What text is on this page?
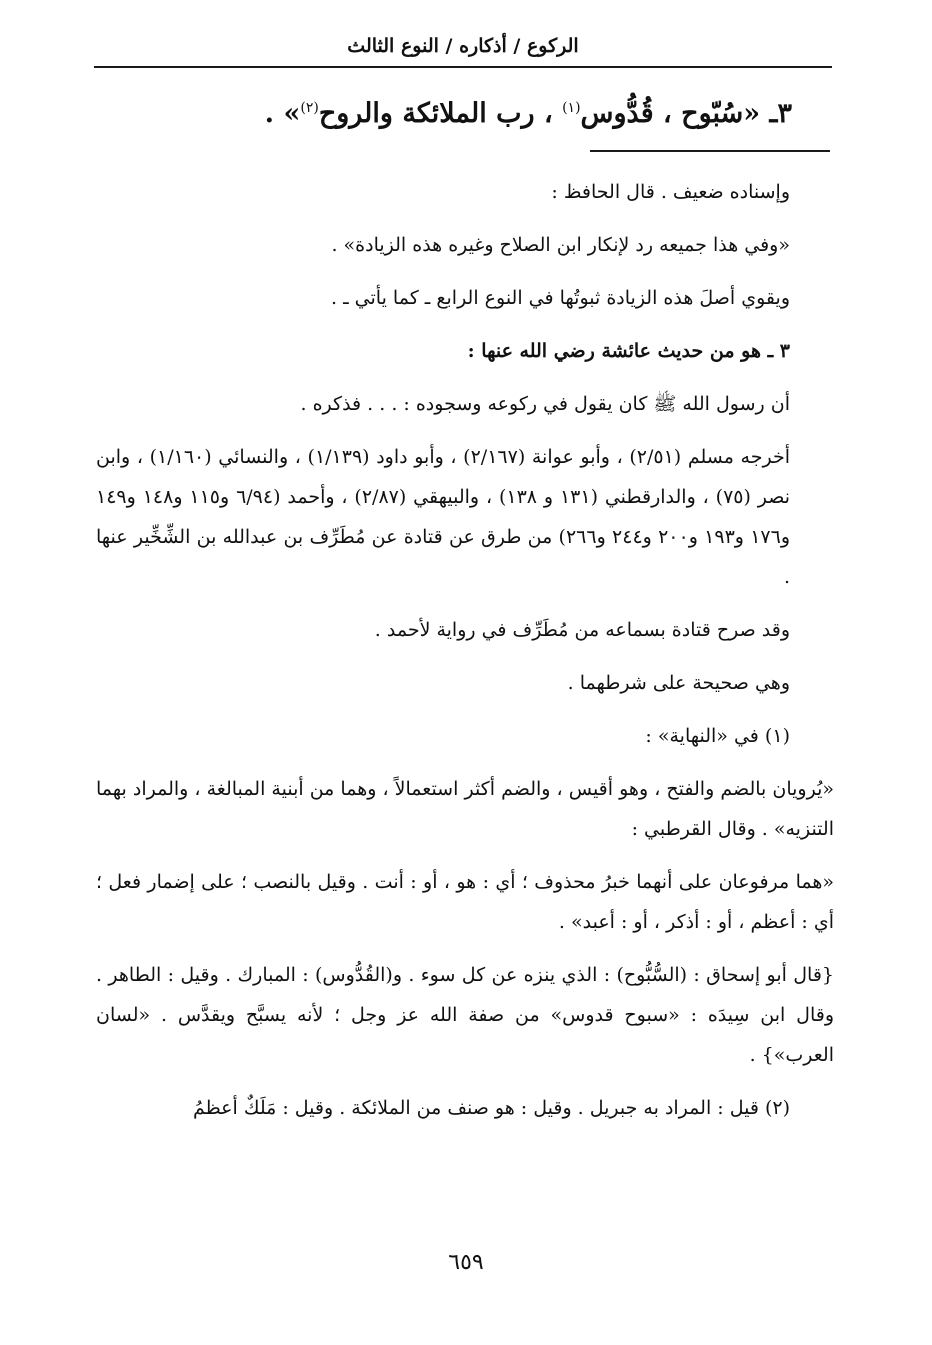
الركوع / أذكاره / النوع الثالث
٣ـ «سُبّوح ، قُدُّوس$^{(١)}$ ، رب الملائكة والروح$^{(٢)}$» .

وإسناده ضعيف . قال الحافظ :

«وفي هذا جميعه رد لإنكار ابن الصلاح وغيره هذه الزيادة» .

ويقوي أصلَ هذه الزيادة ثبوتُها في النوع الرابع ـ كما يأتي ـ .

٣ ـ هو من حديث عائشة رضي الله عنها :

أن رسول الله ﷺ كان يقول في ركوعه وسجوده : . . . فذكره .

أخرجه مسلم (٢/٥١) ، وأبو عوانة (٢/١٦٧) ، وأبو داود (١/١٣٩) ، والنسائي (١/١٦٠) ، وابن نصر (٧٥) ، والدارقطني (١٣١ و ١٣٨) ، والبيهقي (٢/٨٧) ، وأحمد (٦/٩٤ و١١٥ و١٤٨ و١٤٩ و١٧٦ و١٩٣ و٢٠٠ و٢٤٤ و٢٦٦) من طرق عن قتادة عن مُطَرِّف بن عبدالله بن الشِّخِّير عنها .

وقد صرح قتادة بسماعه من مُطَرِّف في رواية لأحمد .

وهي صحيحة على شرطهما .

(١) في «النهاية» :

«يُرويان بالضم والفتح ، وهو أقيس ، والضم أكثر استعمالاً ، وهما من أبنية المبالغة ، والمراد بهما التنزيه» . وقال القرطبي :

«هما مرفوعان على أنهما خبرُ محذوف ؛ أي : هو ، أو : أنت . وقيل بالنصب ؛ على إضمار فعل ؛ أي : أعظم ، أو : أذكر ، أو : أعبد» .

{قال أبو إسحاق : (السُّبُّوح) : الذي ينزه عن كل سوء . و(القُدُّوس) : المبارك . وقيل : الطاهر . وقال ابن سِيدَه : «سبوح قدوس» من صفة الله عز وجل ؛ لأنه يسبَّح ويقدَّس . «لسان العرب»} .

(٢) قيل : المراد به جبريل . وقيل : هو صنف من الملائكة . وقيل : مَلَكٌ أعظمُ

٦٥٩
